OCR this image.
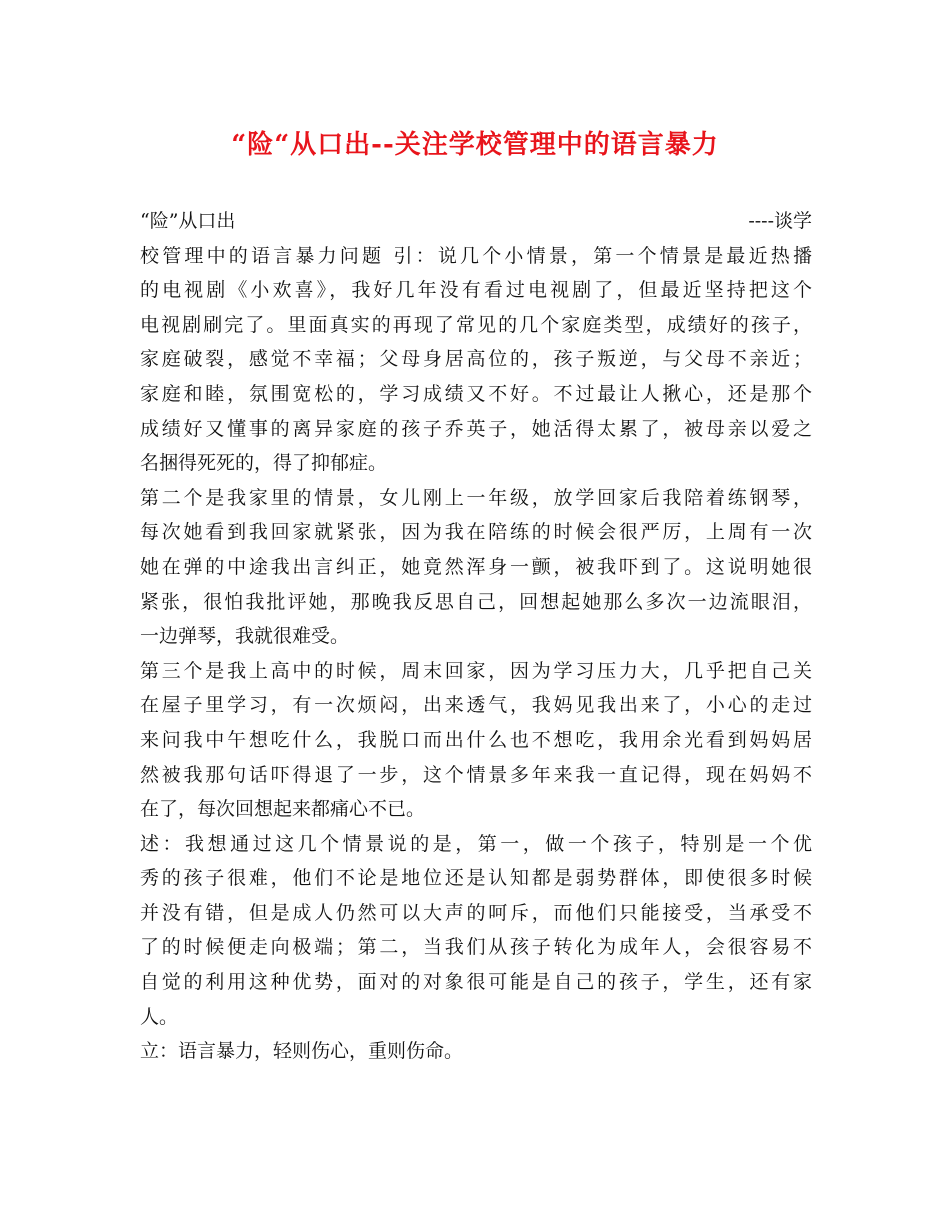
“险“从口出--关注学校管理中的语言暴力
“险”从口出	----谈学
校管理中的语言暴力问题 引：说几个小情景，第一个情景是最近热播
的电视剧《小欢喜》，我好几年没有看过电视剧了，但最近坚持把这个
电视剧刷完了。里面真实的再现了常见的几个家庭类型，成绩好的孩子，
家庭破裂，感觉不幸福；父母身居高位的，孩子叛逆，与父母不亲近；
家庭和睦，氛围宽松的，学习成绩又不好。不过最让人揪心，还是那个
成绩好又懂事的离异家庭的孩子乔英子，她活得太累了，被母亲以爱之
名捆得死死的，得了抑郁症。
第二个是我家里的情景，女儿刚上一年级，放学回家后我陪着练钢琴，
每次她看到我回家就紧张，因为我在陪练的时候会很严厉，上周有一次
她在弹的中途我出言纠正，她竟然浑身一颤，被我吓到了。这说明她很
紧张，很怕我批评她，那晚我反思自己，回想起她那么多次一边流眼泪，
一边弹琴，我就很难受。
第三个是我上高中的时候，周末回家，因为学习压力大，几乎把自己关
在屋子里学习，有一次烦闷，出来透气，我妈见我出来了，小心的走过
来问我中午想吃什么，我脱口而出什么也不想吃，我用余光看到妈妈居
然被我那句话吓得退了一步，这个情景多年来我一直记得，现在妈妈不
在了，每次回想起来都痛心不已。
述：我想通过这几个情景说的是，第一，做一个孩子，特别是一个优
秀的孩子很难，他们不论是地位还是认知都是弱势群体，即使很多时候
并没有错，但是成人仍然可以大声的呵斥，而他们只能接受，当承受不
了的时候便走向极端；第二，当我们从孩子转化为成年人，会很容易不
自觉的利用这种优势，面对的对象很可能是自己的孩子，学生，还有家
人。
立：语言暴力，轻则伤心，重则伤命。
